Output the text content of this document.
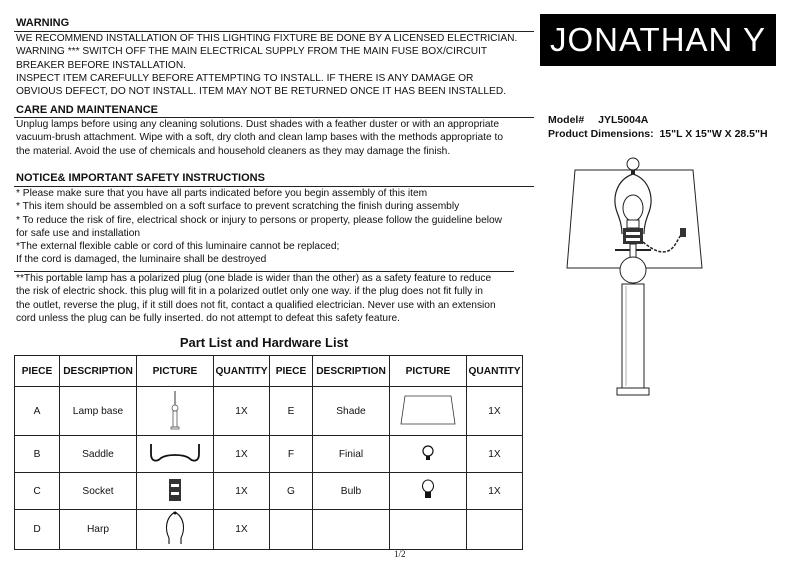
WARNING
WE RECOMMEND INSTALLATION OF THIS LIGHTING FIXTURE BE DONE BY A LICENSED ELECTRICIAN.
WARNING *** SWITCH OFF THE MAIN ELECTRICAL SUPPLY FROM THE MAIN FUSE BOX/CIRCUIT
BREAKER BEFORE INSTALLATION.
INSPECT ITEM CAREFULLY BEFORE ATTEMPTING TO INSTALL. IF THERE IS ANY DAMAGE OR
OBVIOUS DEFECT, DO NOT INSTALL. ITEM MAY NOT BE RETURNED ONCE IT HAS BEEN INSTALLED.
CARE AND MAINTENANCE
Unplug lamps before using any cleaning solutions. Dust shades with a feather duster or with an appropriate
vacuum-brush attachment. Wipe with a soft, dry cloth and clean lamp bases with the methods appropriate to
the material. Avoid the use of chemicals and household cleaners as they may damage the finish.
NOTICE& IMPORTANT SAFETY INSTRUCTIONS
* Please make sure that you have all parts indicated before you begin assembly of this item
* This item should be assembled on a soft surface to prevent scratching the finish during assembly
* To reduce the risk of fire, electrical shock or injury to persons or property, please follow the guideline below
for safe use and installation
*The external flexible cable or cord of this luminaire cannot be replaced;
If the cord is damaged, the luminaire shall be destroyed
**This portable lamp has a polarized plug (one blade is wider than the other) as a safety feature to reduce
the risk of electric shock. this plug will fit in a polarized outlet only one way. if the plug does not fit fully in
the outlet, reverse the plug, if it still does not fit, contact a qualified electrician. Never use with an extension
cord unless the plug can be fully inserted. do not attempt to defeat this safety feature.
JONATHAN Y
Model# JYL5004A
Product Dimensions: 15"L X 15"W X 28.5"H
Part List and Hardware List
PIECE	DESCRIPTION	PICTURE	QUANTITY	PIECE	DESCRIPTION	PICTURE	QUANTITY
A	Lamp base		1X	E	Shade		1X
B	Saddle		1X	F	Finial		1X
C	Socket		1X	G	Bulb		1X
D	Harp		1X				
1/2
